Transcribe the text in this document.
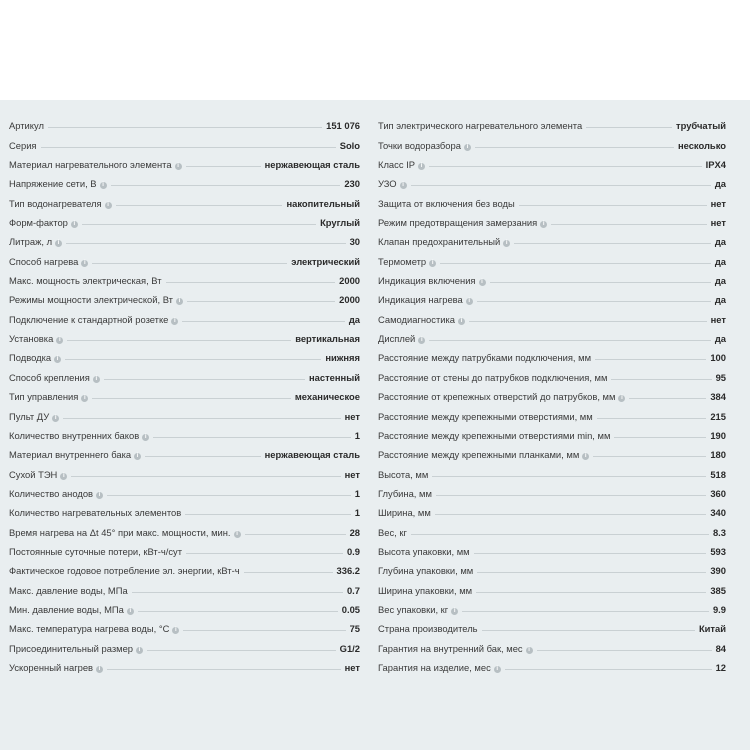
Артикул	151 076
Серия	Solo
Материал нагревательного элемента i	нержавеющая сталь
Напряжение сети, В i	230
Тип водонагревателя i	накопительный
Форм-фактор i	Круглый
Литраж, л i	30
Способ нагрева i	электрический
Макс. мощность электрическая, Вт	2000
Режимы мощности электрической, Вт i	2000
Подключение к стандартной розетке i	да
Установка i	вертикальная
Подводка i	нижняя
Способ крепления i	настенный
Тип управления i	механическое
Пульт ДУ i	нет
Количество внутренних баков i	1
Материал внутреннего бака i	нержавеющая сталь
Сухой ТЭН i	нет
Количество анодов i	1
Количество нагревательных элементов	1
Время нагрева на Δt 45° при макс. мощности, мин. i	28
Постоянные суточные потери, кВт-ч/сут	0.9
Фактическое годовое потребление эл. энергии, кВт-ч	336.2
Макс. давление воды, МПа	0.7
Мин. давление воды, МПа i	0.05
Макс. температура нагрева воды, °С i	75
Присоединительный размер i	G1/2
Ускоренный нагрев i	нет
Тип электрического нагревательного элемента	трубчатый
Точки водоразбора i	несколько
Класс IP i	IPX4
УЗО i	да
Защита от включения без воды	нет
Режим предотвращения замерзания i	нет
Клапан предохранительный i	да
Термометр i	да
Индикация включения i	да
Индикация нагрева i	да
Самодиагностика i	нет
Дисплей i	да
Расстояние между патрубками подключения, мм	100
Расстояние от стены до патрубков подключения, мм	95
Расстояние от крепежных отверстий до патрубков, мм i	384
Расстояние между крепежными отверстиями, мм	215
Расстояние между крепежными отверстиями min, мм	190
Расстояние между крепежными планками, мм i	180
Высота, мм	518
Глубина, мм	360
Ширина, мм	340
Вес, кг	8.3
Высота упаковки, мм	593
Глубина упаковки, мм	390
Ширина упаковки, мм	385
Вес упаковки, кг i	9.9
Страна производитель	Китай
Гарантия на внутренний бак, мес i	84
Гарантия на изделие, мес i	12
